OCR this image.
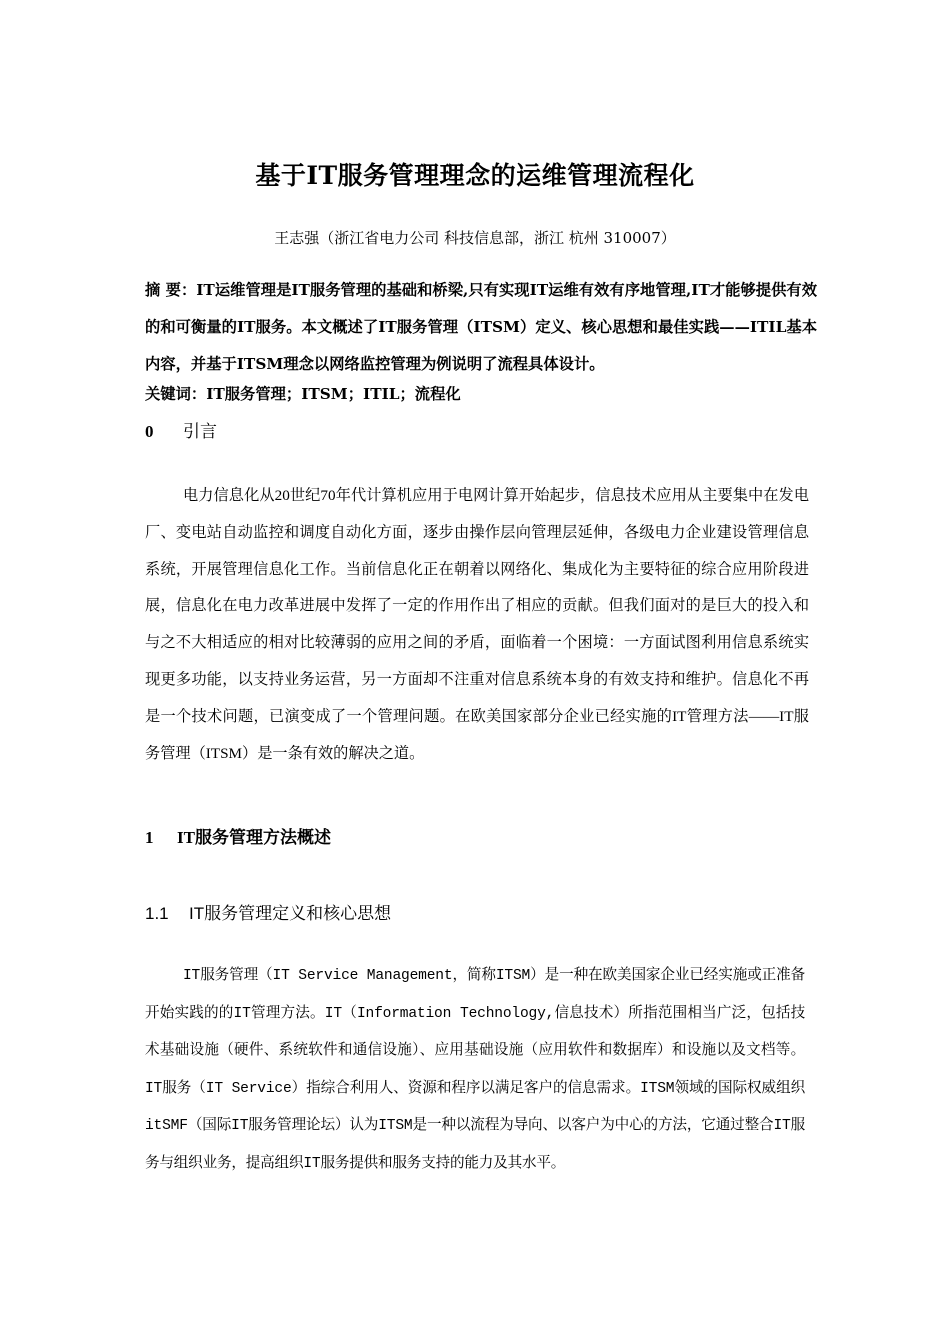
基于IT服务管理理念的运维管理流程化
王志强（浙江省电力公司 科技信息部，浙江 杭州 310007）

摘 要：IT运维管理是IT服务管理的基础和桥梁,只有实现IT运维有效有序地管理,IT才能够提供有效的和可衡量的IT服务。本文概述了IT服务管理（ITSM）定义、核心思想和最佳实践——ITIL基本内容，并基于ITSM理念以网络监控管理为例说明了流程具体设计。

关键词：IT服务管理；ITSM；ITIL；流程化
0 引言

电力信息化从20世纪70年代计算机应用于电网计算开始起步，信息技术应用从主要集中在发电厂、变电站自动监控和调度自动化方面，逐步由操作层向管理层延伸，各级电力企业建设管理信息系统，开展管理信息化工作。当前信息化正在朝着以网络化、集成化为主要特征的综合应用阶段进展，信息化在电力改革进展中发挥了一定的作用作出了相应的贡献。但我们面对的是巨大的投入和与之不大相适应的相对比较薄弱的应用之间的矛盾，面临着一个困境：一方面试图利用信息系统实现更多功能，以支持业务运营，另一方面却不注重对信息系统本身的有效支持和维护。信息化不再是一个技术问题，已演变成了一个管理问题。在欧美国家部分企业已经实施的IT管理方法——IT服务管理（ITSM）是一条有效的解决之道。

1 IT服务管理方法概述
1.1 IT服务管理定义和核心思想

IT服务管理（IT Service Management，简称ITSM）是一种在欧美国家企业已经实施或正准备开始实践的的IT管理方法。IT（Information Technology,信息技术）所指范围相当广泛，包括技术基础设施（硬件、系统软件和通信设施）、应用基础设施（应用软件和数据库）和设施以及文档等。 IT服务（IT Service）指综合利用人、资源和程序以满足客户的信息需求。ITSM领域的国际权威组织itSMF（国际IT服务管理论坛）认为ITSM是一种以流程为导向、以客户为中心的方法，它通过整合IT服务与组织业务，提高组织IT服务提供和服务支持的能力及其水平。
